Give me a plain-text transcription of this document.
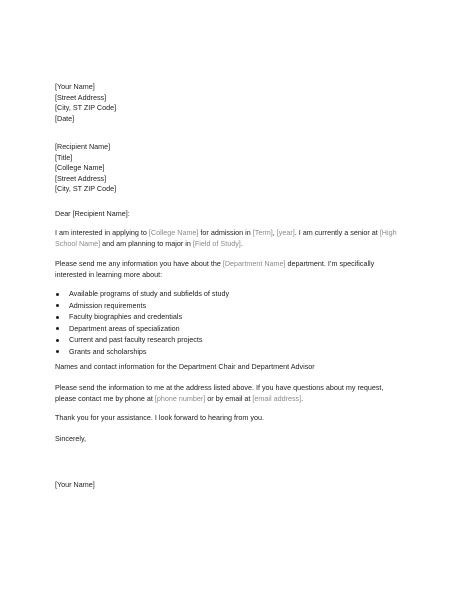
[Your Name]
[Street Address]
[City, ST ZIP Code]
[Date]
[Recipient Name]
[Title]
[College Name]
[Street Address]
[City, ST ZIP Code]
Dear [Recipient Name]:
I am interested in applying to [College Name] for admission in [Term], [year]. I am currently a senior at [High
School Name] and am planning to major in [Field of Study].
Please send me any information you have about the [Department Name] department. I’m specifically
interested in learning more about:
Available programs of study and subfields of study
Admission requirements
Faculty biographies and credentials
Department areas of specialization
Current and past faculty research projects
Grants and scholarships
Names and contact information for the Department Chair and Department Advisor
Please send the information to me at the address listed above. If you have questions about my request,
please contact me by phone at [phone number] or by email at [email address].
Thank you for your assistance. I look forward to hearing from you.
Sincerely,
[Your Name]
